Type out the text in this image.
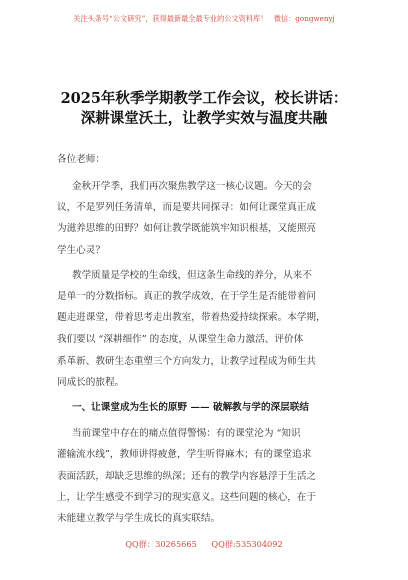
关注头条号“公文研究”，获得最新最全最专业的公文资料库！ 微信：gongwenyj
2025年秋季学期教学工作会议，校长讲话：
深耕课堂沃土，让教学实效与温度共融
各位老师：
金秋开学季，我们再次聚焦教学这一核心议题。今天的会
议，不是罗列任务清单，而是要共同探寻：如何让课堂真正成
为滋养思维的田野？如何让教学既能筑牢知识根基，又能照亮
学生心灵？
教学质量是学校的生命线，但这条生命线的养分，从来不
是单一的分数指标。真正的教学成效，在于学生是否能带着问
题走进课堂，带着思考走出教室，带着热爱持续探索。本学期，
我们要以 “深耕细作” 的态度，从课堂生命力激活、评价体
系革新、教研生态重塑三个方向发力，让教学过程成为师生共
同成长的旅程。
一、让课堂成为生长的原野 —— 破解教与学的深层联结
当前课堂中存在的痛点值得警惕：有的课堂沦为 “知识
灌输流水线”，教师讲得疲惫，学生听得麻木；有的课堂追求
表面活跃，却缺乏思维的纵深；还有的教学内容悬浮于生活之
上，让学生感受不到学习的现实意义。这些问题的核心，在于
未能建立教学与学生成长的真实联结。
QQ群：30265665 QQ群:535304092
